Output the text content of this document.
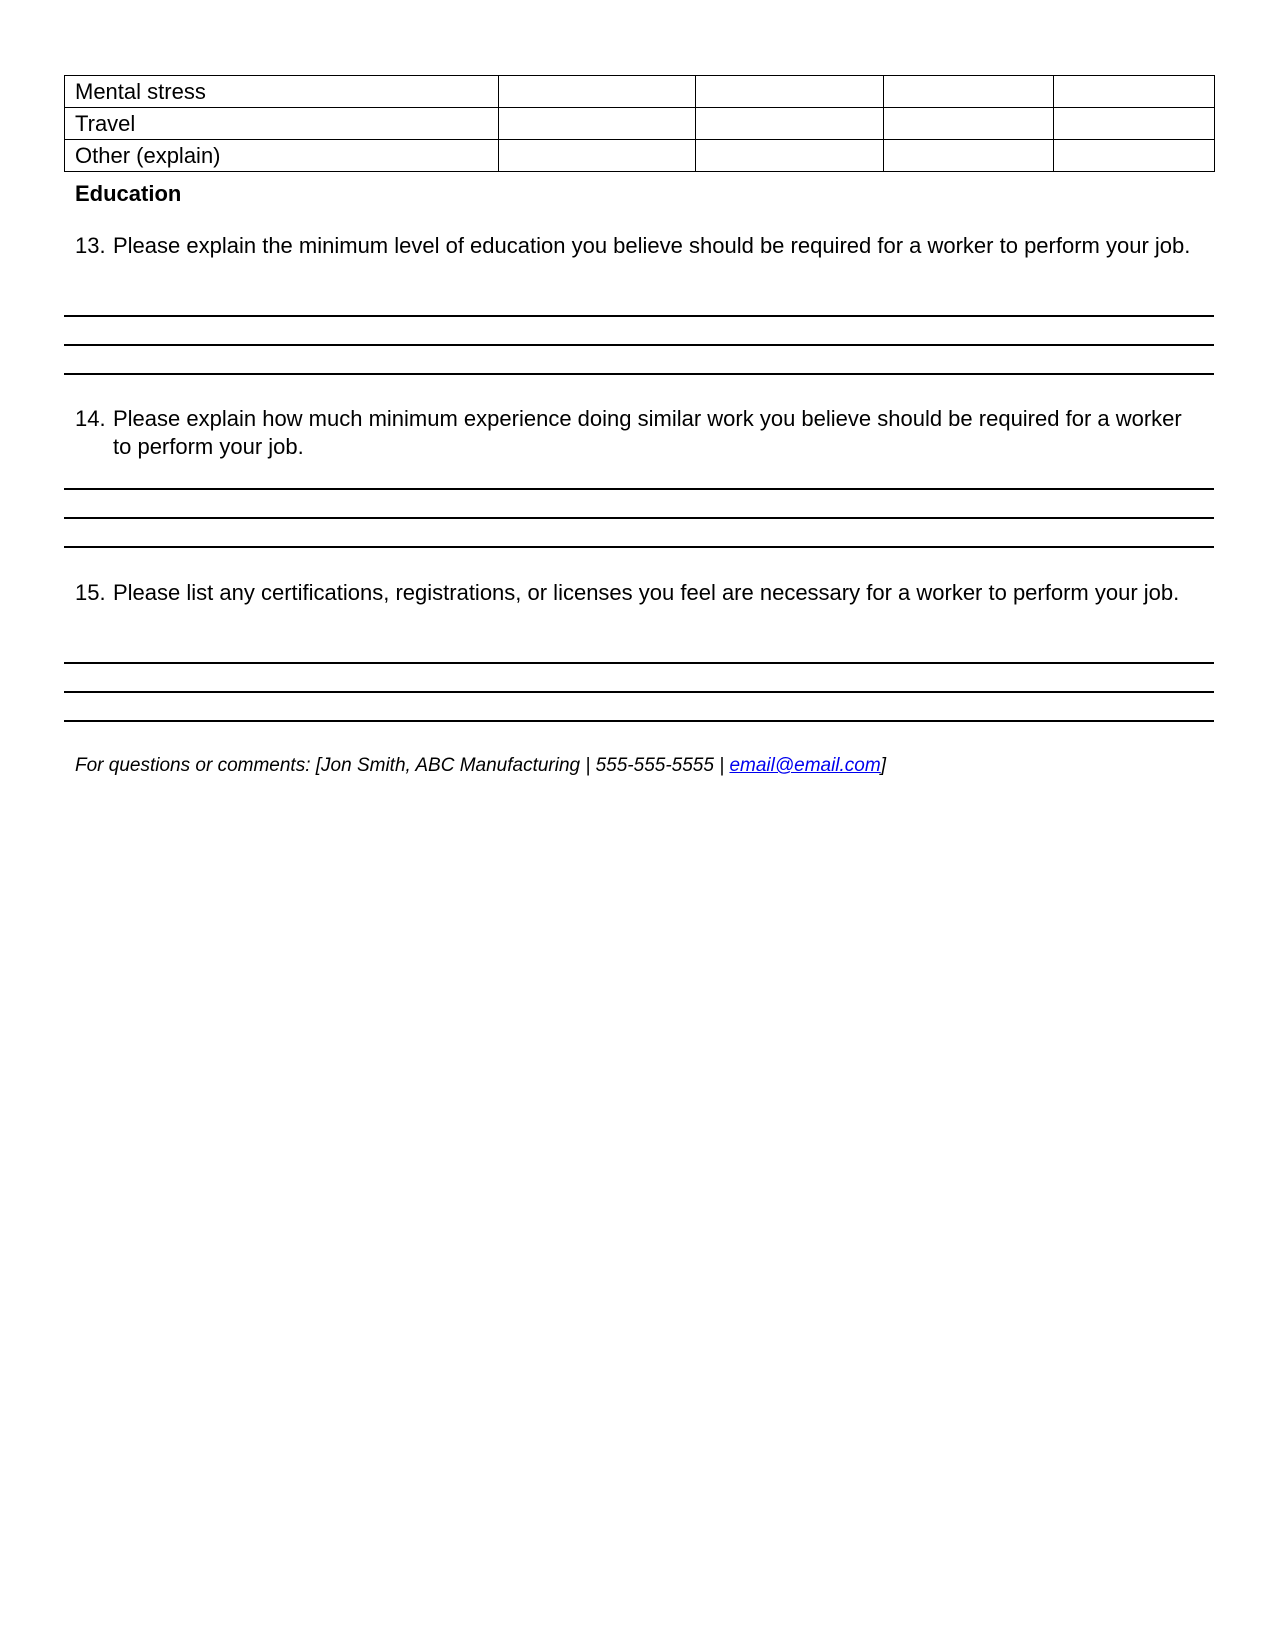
Mental stress				
Travel				
Other (explain)				
Education
13. Please explain the minimum level of education you believe should be required for a worker to perform your job.
14. Please explain how much minimum experience doing similar work you believe should be required for a worker to perform your job.
15. Please list any certifications, registrations, or licenses you feel are necessary for a worker to perform your job.
For questions or comments: [Jon Smith, ABC Manufacturing | 555-555-5555 | email@email.com]
